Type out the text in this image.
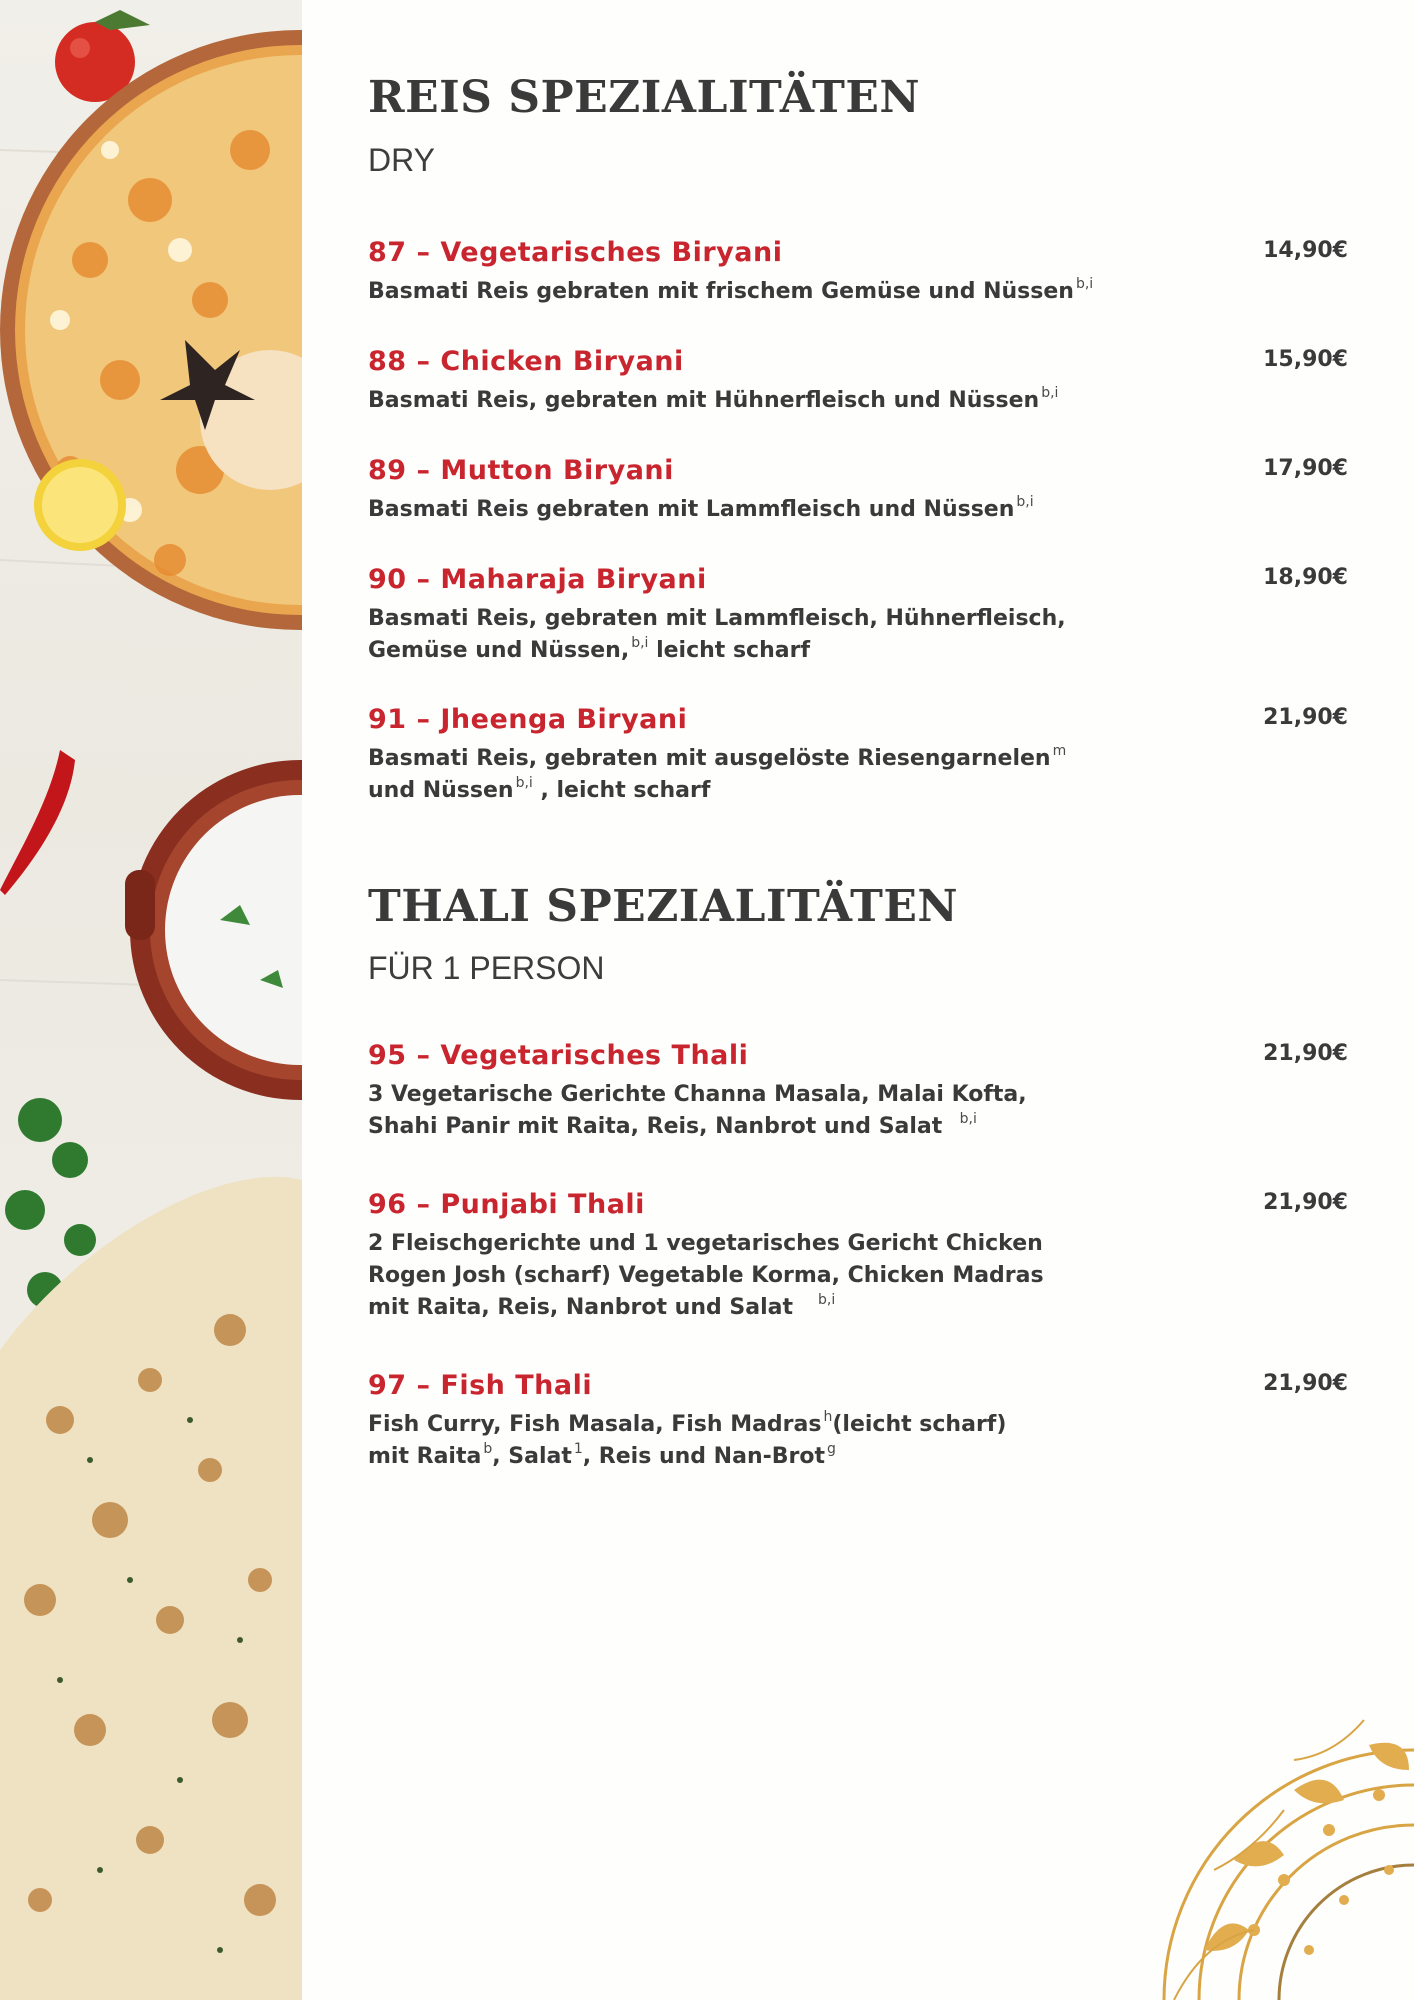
REIS SPEZIALITÄTEN

DRY

87 – Vegetarisches Biryani	14,90€
Basmati Reis gebraten mit frischem Gemüse und Nüssen $^{b,i}$
88 – Chicken Biryani	15,90€
Basmati Reis, gebraten mit Hühnerfleisch und Nüssen $^{b,i}$
89 – Mutton Biryani	17,90€
Basmati Reis gebraten mit Lammfleisch und Nüssen $^{b,i}$
90 – Maharaja Biryani	18,90€
Basmati Reis, gebraten mit Lammfleisch, Hühnerfleisch,
Gemüse und Nüssen, $^{b,i}$ leicht scharf
91 – Jheenga Biryani	21,90€
Basmati Reis, gebraten mit ausgelöste Riesengarnelen $^m$
und Nüssen $^{b,i}$ , leicht scharf
THALI SPEZIALITÄTEN

FÜR 1 PERSON

95 – Vegetarisches Thali	21,90€
3 Vegetarische Gerichte Channa Masala, Malai Kofta,
Shahi Panir mit Raita, Reis, Nanbrot und Salat $^{b,i}$
96 – Punjabi Thali	21,90€
2 Fleischgerichte und 1 vegetarisches Gericht Chicken
Rogen Josh (scharf) Vegetable Korma, Chicken Madras
mit Raita, Reis, Nanbrot und Salat $^{b,i}$
97 – Fish Thali	21,90€
Fish Curry, Fish Masala, Fish Madras $^h$(leicht scharf)
mit Raita $^b$, Salat $^1$, Reis und Nan-Brot $^g$
